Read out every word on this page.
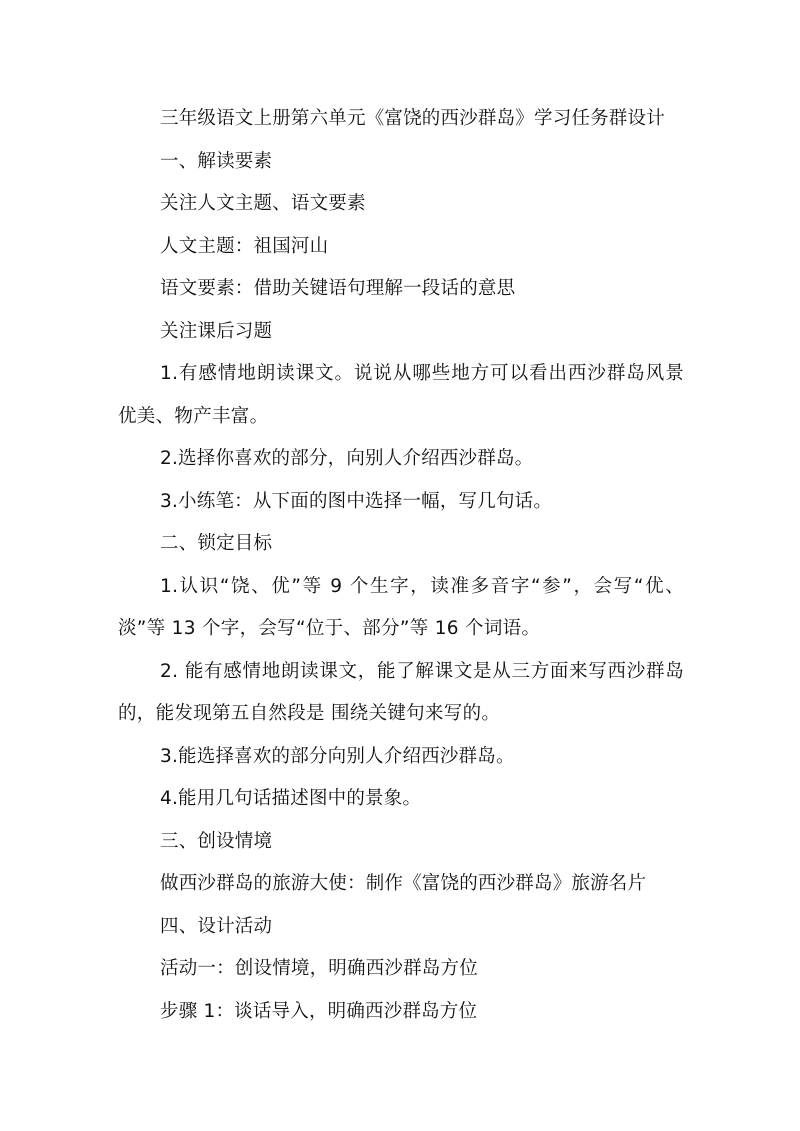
三年级语文上册第六单元《富饶的西沙群岛》学习任务群设计

一、解读要素

关注人文主题、语文要素

人文主题：祖国河山

语文要素：借助关键语句理解一段话的意思

关注课后习题

1.有感情地朗读课文。说说从哪些地方可以看出西沙群岛风景优美、物产丰富。

2.选择你喜欢的部分，向别人介绍西沙群岛。

3.小练笔：从下面的图中选择一幅，写几句话。

二、锁定目标

1.认识“饶、优”等 9 个生字，读准多音字“参”，会写“优、淡”等 13 个字，会写“位于、部分”等 16 个词语。

2. 能有感情地朗读课文，能了解课文是从三方面来写西沙群岛的，能发现第五自然段是 围绕关键句来写的。

3.能选择喜欢的部分向别人介绍西沙群岛。

4.能用几句话描述图中的景象。

三、创设情境

做西沙群岛的旅游大使：制作《富饶的西沙群岛》旅游名片

四、设计活动

活动一：创设情境，明确西沙群岛方位

步骤 1：谈话导入，明确西沙群岛方位
